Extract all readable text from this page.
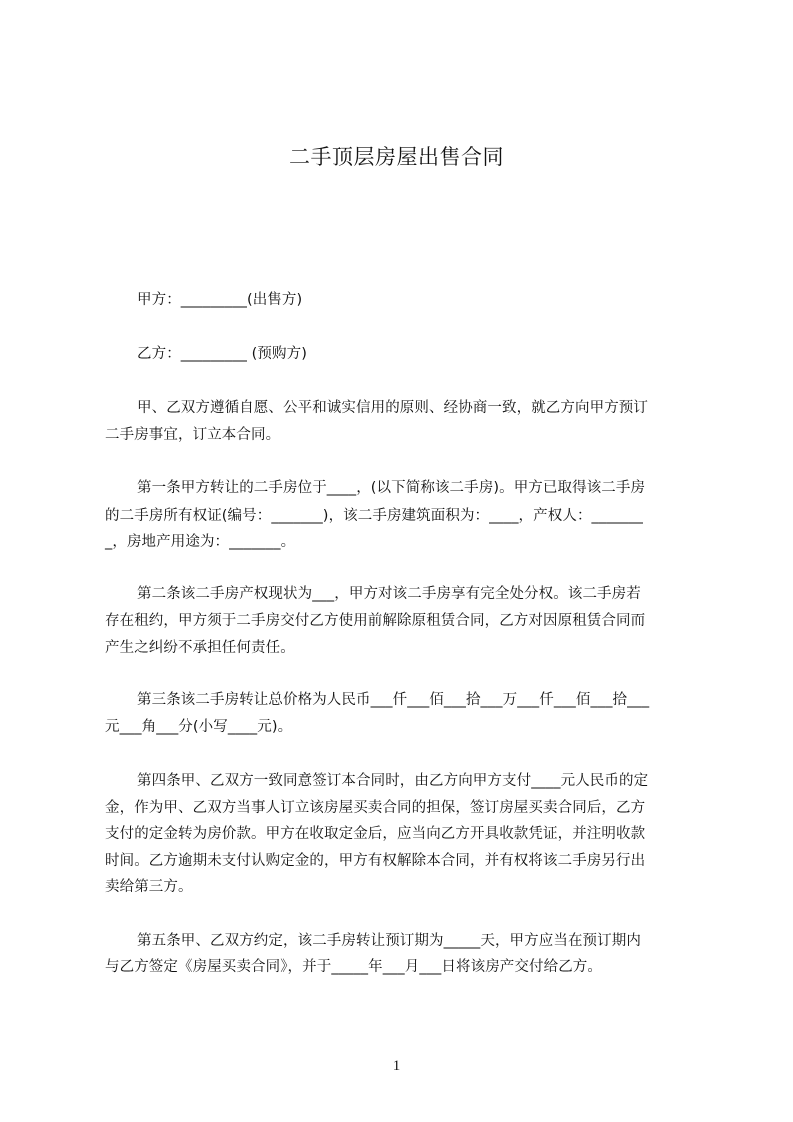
二手顶层房屋出售合同
甲方：_________(出售方)
乙方：_________ (预购方)
甲、乙双方遵循自愿、公平和诚实信用的原则、经协商一致，就乙方向甲方预订
二手房事宜，订立本合同。
第一条甲方转让的二手房位于____，(以下简称该二手房)。甲方已取得该二手房
的二手房所有权证(编号：_______)，该二手房建筑面积为：____，产权人：_______
_，房地产用途为：_______。
第二条该二手房产权现状为___，甲方对该二手房享有完全处分权。该二手房若
存在租约，甲方须于二手房交付乙方使用前解除原租赁合同，乙方对因原租赁合同而
产生之纠纷不承担任何责任。
第三条该二手房转让总价格为人民币___仟___佰___拾___万___仟___佰___拾___
元___角___分(小写____元)。
第四条甲、乙双方一致同意签订本合同时，由乙方向甲方支付____元人民币的定
金，作为甲、乙双方当事人订立该房屋买卖合同的担保，签订房屋买卖合同后，乙方
支付的定金转为房价款。甲方在收取定金后，应当向乙方开具收款凭证，并注明收款
时间。乙方逾期未支付认购定金的，甲方有权解除本合同，并有权将该二手房另行出
卖给第三方。
第五条甲、乙双方约定，该二手房转让预订期为_____天，甲方应当在预订期内
与乙方签定《房屋买卖合同》，并于_____年___月___日将该房产交付给乙方。
1
